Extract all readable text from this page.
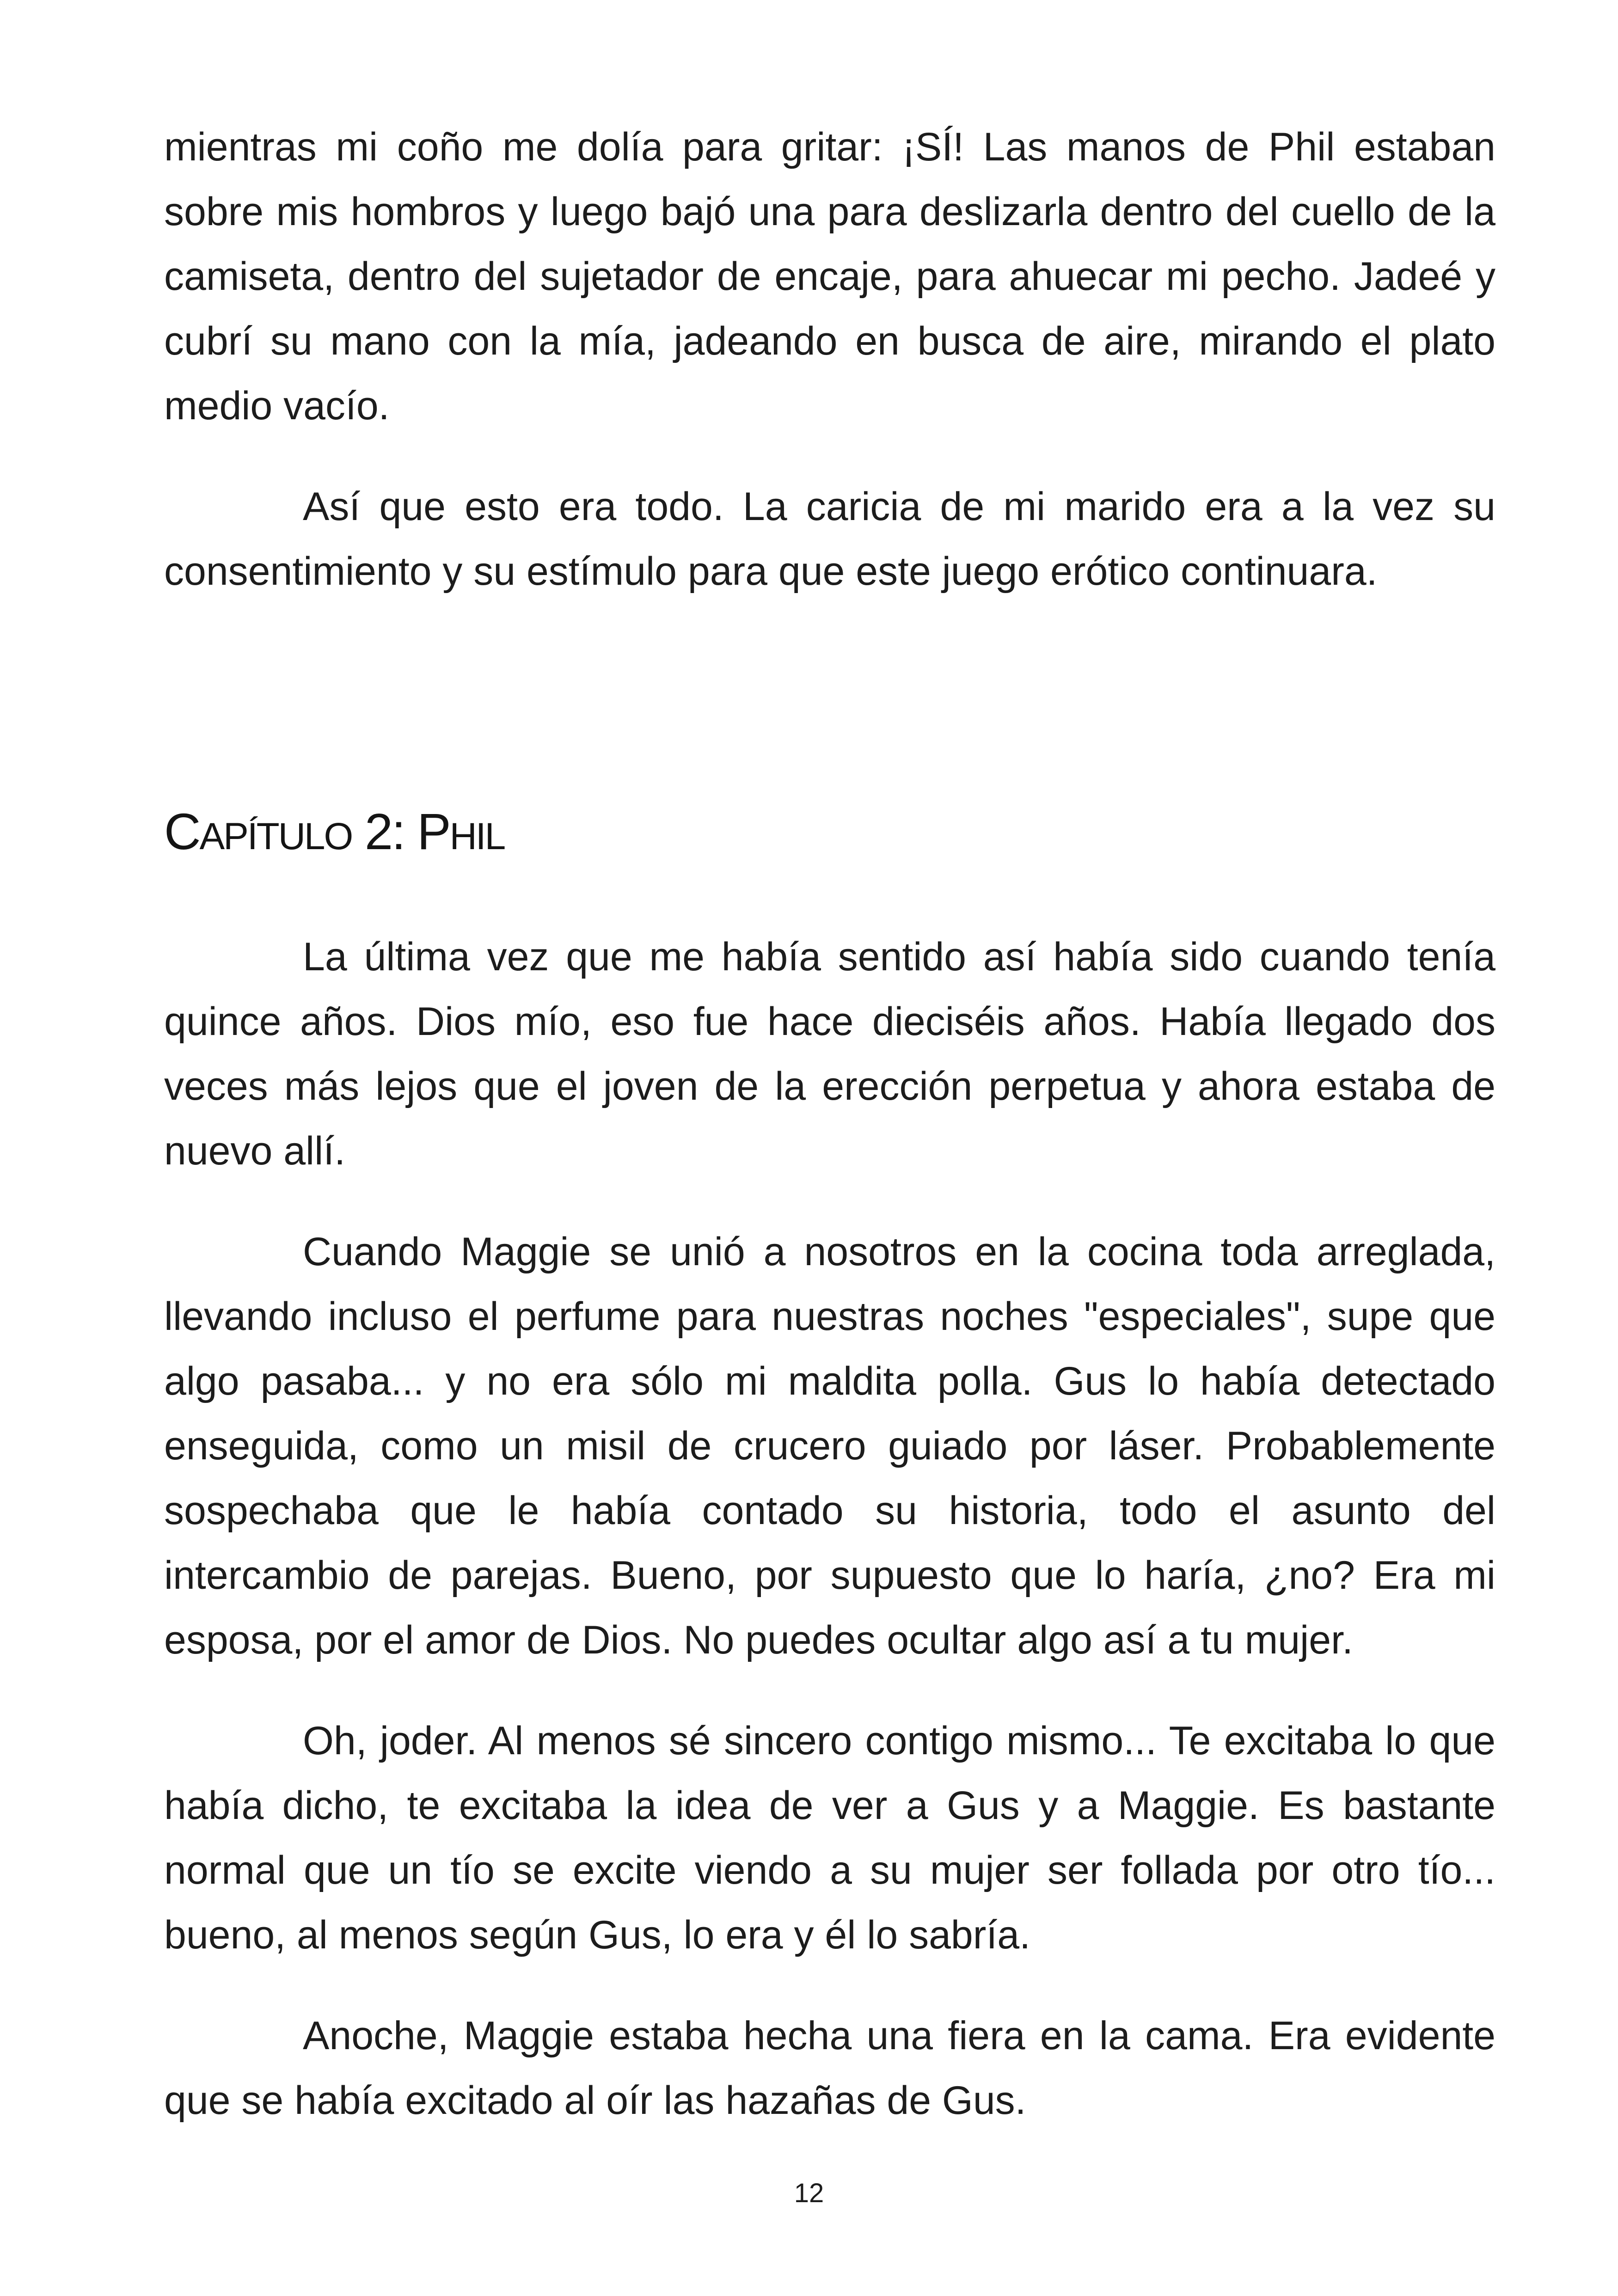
mientras mi coño me dolía para gritar: ¡SÍ! Las manos de Phil estaban sobre mis hombros y luego bajó una para deslizarla dentro del cuello de la camiseta, dentro del sujetador de encaje, para ahuecar mi pecho. Jadeé y cubrí su mano con la mía, jadeando en busca de aire, mirando el plato medio vacío.

Así que esto era todo. La caricia de mi marido era a la vez su consentimiento y su estímulo para que este juego erótico continuara.

CAPÍTULO 2: PHIL

La última vez que me había sentido así había sido cuando tenía quince años. Dios mío, eso fue hace dieciséis años. Había llegado dos veces más lejos que el joven de la erección perpetua y ahora estaba de nuevo allí.

Cuando Maggie se unió a nosotros en la cocina toda arreglada, llevando incluso el perfume para nuestras noches "especiales", supe que algo pasaba... y no era sólo mi maldita polla. Gus lo había detectado enseguida, como un misil de crucero guiado por láser. Probablemente sospechaba que le había contado su historia, todo el asunto del intercambio de parejas. Bueno, por supuesto que lo haría, ¿no? Era mi esposa, por el amor de Dios. No puedes ocultar algo así a tu mujer.

Oh, joder. Al menos sé sincero contigo mismo... Te excitaba lo que había dicho, te excitaba la idea de ver a Gus y a Maggie. Es bastante normal que un tío se excite viendo a su mujer ser follada por otro tío... bueno, al menos según Gus, lo era y él lo sabría.

Anoche, Maggie estaba hecha una fiera en la cama. Era evidente que se había excitado al oír las hazañas de Gus.

12
